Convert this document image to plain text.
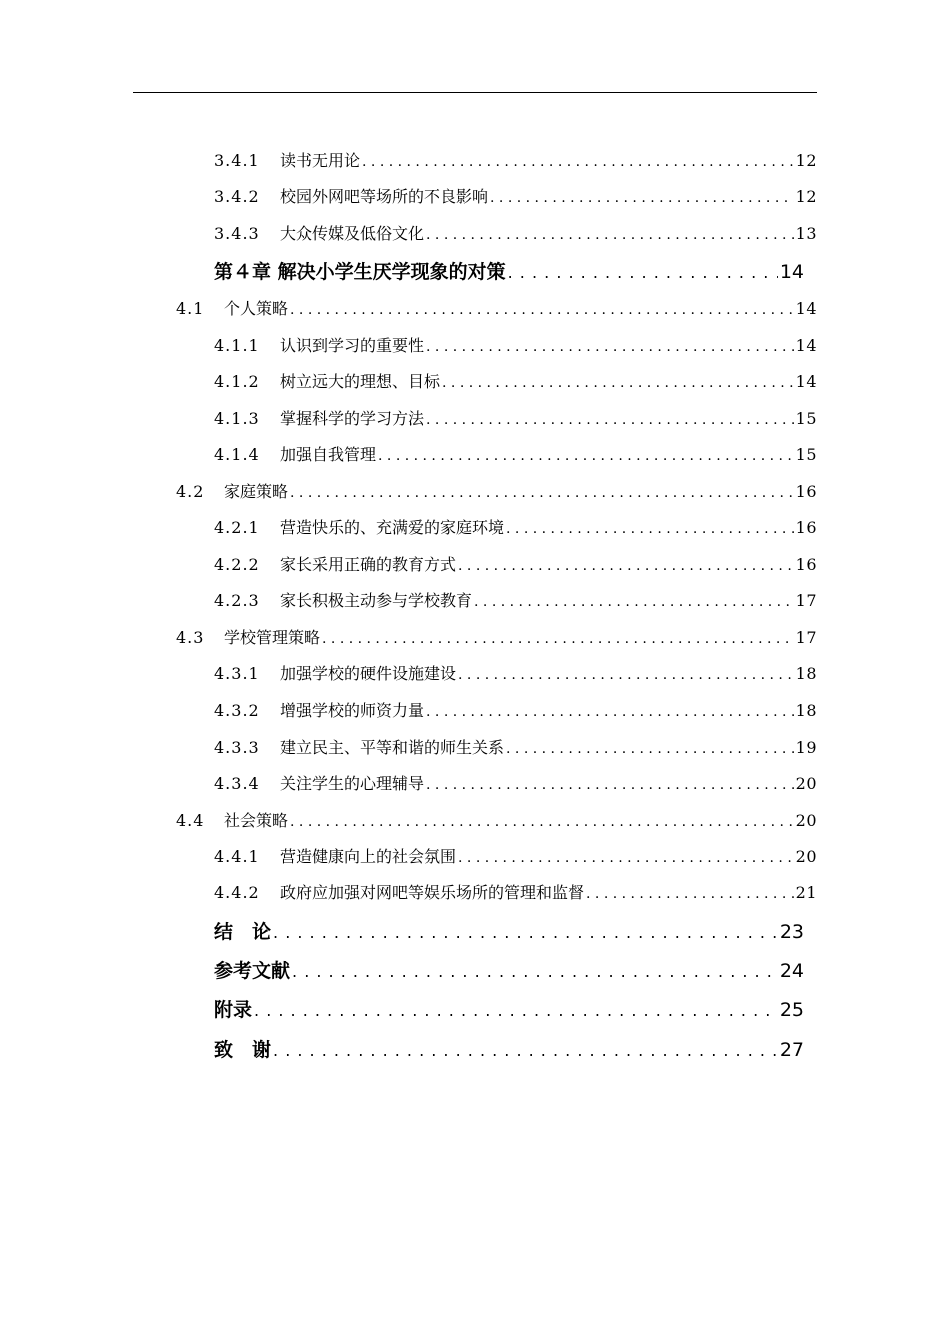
3.4.1 读书无用论 . . .	12
3.4.2 校园外网吧等场所的不良影响 . . .	12
3.4.3 大众传媒及低俗文化 . . .	13
第４章 解决小学生厌学现象的对策 . . .	14
4.1 个人策略 . . .	14
4.1.1 认识到学习的重要性 . . .	14
4.1.2 树立远大的理想、目标 . . .	14
4.1.3 掌握科学的学习方法 . . .	15
4.1.4 加强自我管理 . . .	15
4.2 家庭策略 . . .	16
4.2.1 营造快乐的、充满爱的家庭环境 . . .	16
4.2.2 家长采用正确的教育方式 . . .	16
4.2.3 家长积极主动参与学校教育 . . .	17
4.3 学校管理策略 . . .	17
4.3.1 加强学校的硬件设施建设 . . .	18
4.3.2 增强学校的师资力量 . . .	18
4.3.3 建立民主、平等和谐的师生关系 . . .	19
4.3.4 关注学生的心理辅导 . . .	20
4.4 社会策略 . . .	20
4.4.1 营造健康向上的社会氛围 . . .	20
4.4.2 政府应加强对网吧等娱乐场所的管理和监督 . . .	21
结　论 . . .	23
参考文献 . . .	24
附录 . . .	25
致　谢 . . .	27
